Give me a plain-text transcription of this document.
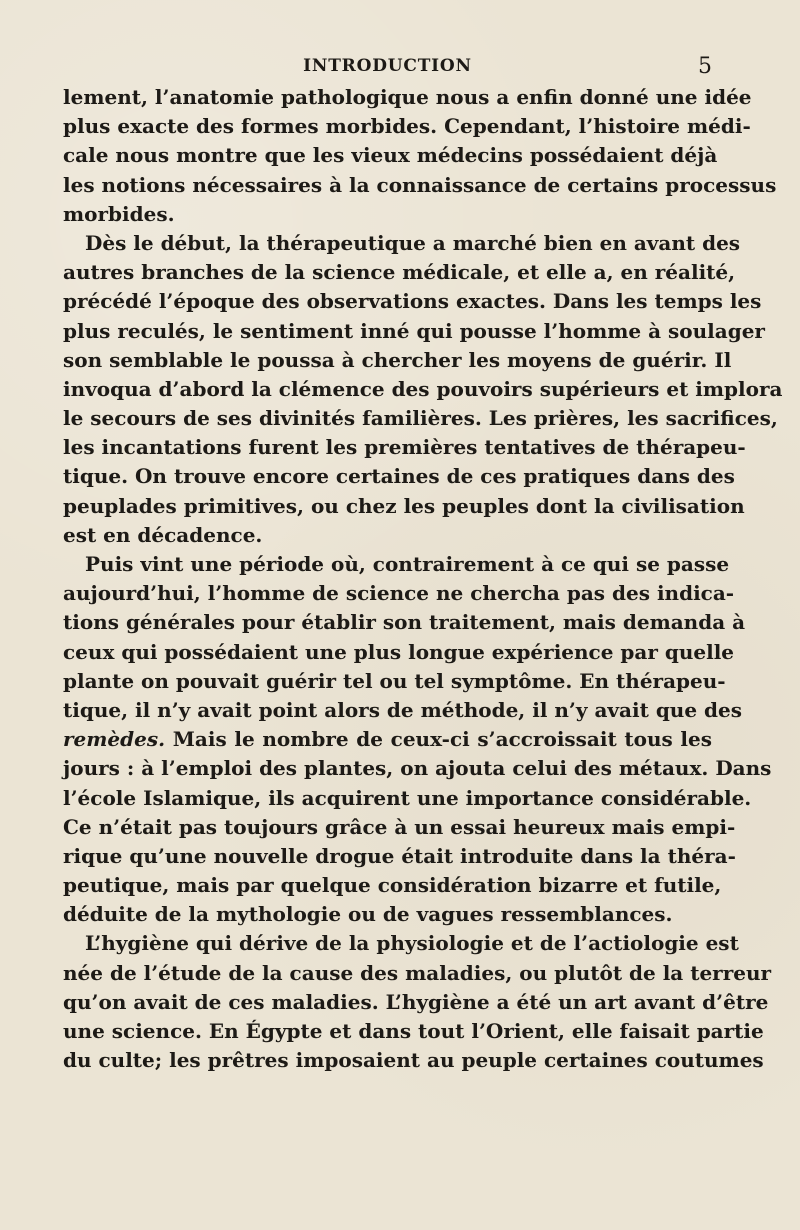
INTRODUCTION	5
lement, l’anatomie pathologique nous a enfin donné une idée
plus exacte des formes morbides. Cependant, l’histoire médi-
cale nous montre que les vieux médecins possédaient déjà
les notions nécessaires à la connaissance de certains processus
morbides.
Dès le début, la thérapeutique a marché bien en avant des
autres branches de la science médicale, et elle a, en réalité,
précédé l’époque des observations exactes. Dans les temps les
plus reculés, le sentiment inné qui pousse l’homme à soulager
son semblable le poussa à chercher les moyens de guérir. Il
invoqua d’abord la clémence des pouvoirs supérieurs et implora
le secours de ses divinités familières. Les prières, les sacrifices,
les incantations furent les premières tentatives de thérapeu-
tique. On trouve encore certaines de ces pratiques dans des
peuplades primitives, ou chez les peuples dont la civilisation
est en décadence.
Puis vint une période où, contrairement à ce qui se passe
aujourd’hui, l’homme de science ne chercha pas des indica-
tions générales pour établir son traitement, mais demanda à
ceux qui possédaient une plus longue expérience par quelle
plante on pouvait guérir tel ou tel symptôme. En thérapeu-
tique, il n’y avait point alors de méthode, il n’y avait que des
remèdes. Mais le nombre de ceux-ci s’accroissait tous les
jours : à l’emploi des plantes, on ajouta celui des métaux. Dans
l’école Islamique, ils acquirent une importance considérable.
Ce n’était pas toujours grâce à un essai heureux mais empi-
rique qu’une nouvelle drogue était introduite dans la théra-
peutique, mais par quelque considération bizarre et futile,
déduite de la mythologie ou de vagues ressemblances.
L’hygiène qui dérive de la physiologie et de l’actiologie est
née de l’étude de la cause des maladies, ou plutôt de la terreur
qu’on avait de ces maladies. L’hygiène a été un art avant d’être
une science. En Égypte et dans tout l’Orient, elle faisait partie
du culte; les prêtres imposaient au peuple certaines coutumes
